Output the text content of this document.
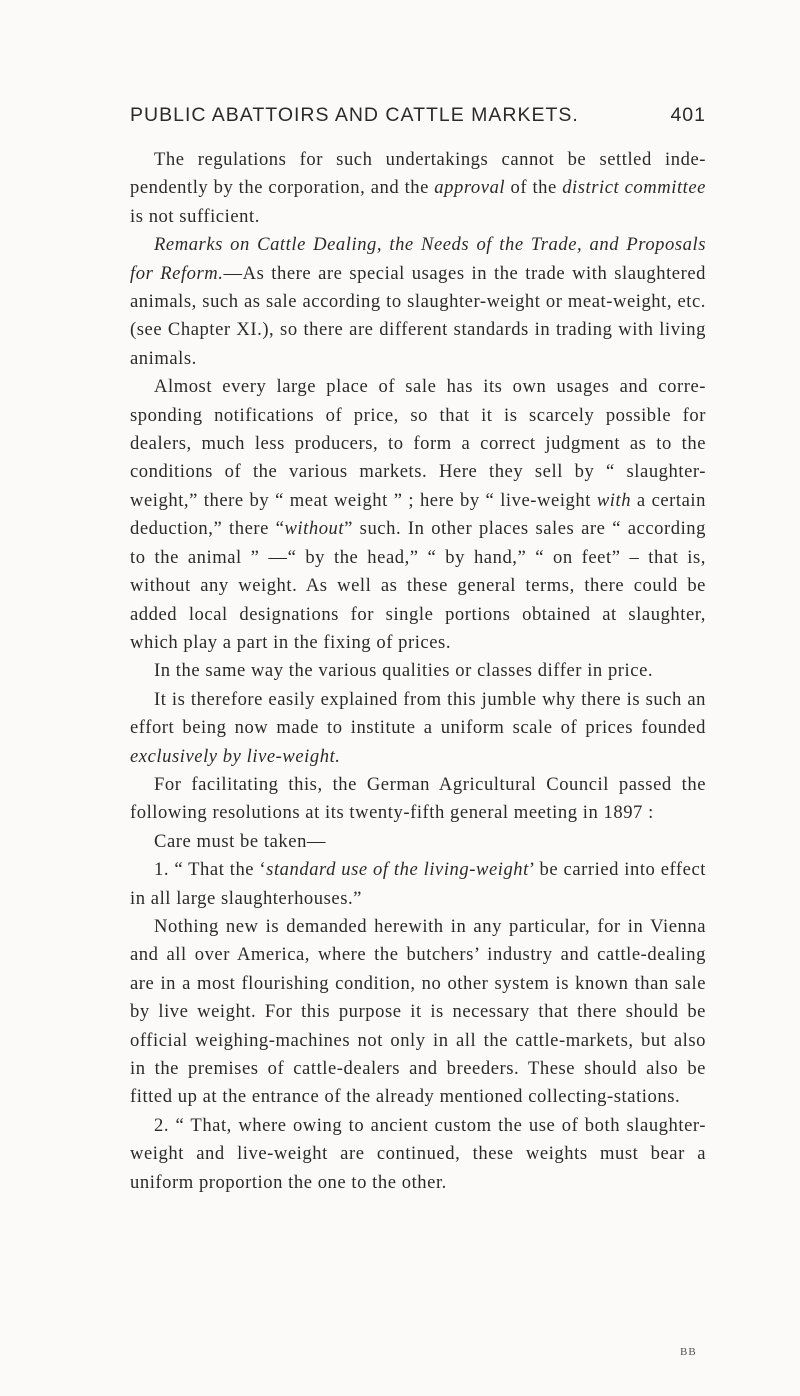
PUBLIC ABATTOIRS AND CATTLE MARKETS.	401

The regulations for such undertakings cannot be settled inde-pendently by the corporation, and the approval of the district committee is not sufficient.

Remarks on Cattle Dealing, the Needs of the Trade, and Proposals for Reform.—As there are special usages in the trade with slaughtered animals, such as sale according to slaughter-weight or meat-weight, etc. (see Chapter XI.), so there are different standards in trading with living animals.

Almost every large place of sale has its own usages and corre-sponding notifications of price, so that it is scarcely possible for dealers, much less producers, to form a correct judgment as to the conditions of the various markets. Here they sell by “ slaughter-weight,” there by “ meat weight ” ; here by “ live-weight with a certain deduction,” there “without” such. In other places sales are “ according to the animal ” —“ by the head,” “ by hand,” “ on feet” – that is, without any weight. As well as these general terms, there could be added local designations for single portions obtained at slaughter, which play a part in the fixing of prices.

In the same way the various qualities or classes differ in price.

It is therefore easily explained from this jumble why there is such an effort being now made to institute a uniform scale of prices founded exclusively by live-weight.

For facilitating this, the German Agricultural Council passed the following resolutions at its twenty-fifth general meeting in 1897 :

Care must be taken—

1. “ That the ‘standard use of the living-weight’ be carried into effect in all large slaughterhouses.”

Nothing new is demanded herewith in any particular, for in Vienna and all over America, where the butchers’ industry and cattle-dealing are in a most flourishing condition, no other system is known than sale by live weight. For this purpose it is necessary that there should be official weighing-machines not only in all the cattle-markets, but also in the premises of cattle-dealers and breeders. These should also be fitted up at the entrance of the already mentioned collecting-stations.

2. “ That, where owing to ancient custom the use of both slaughter-weight and live-weight are continued, these weights must bear a uniform proportion the one to the other.

BB
